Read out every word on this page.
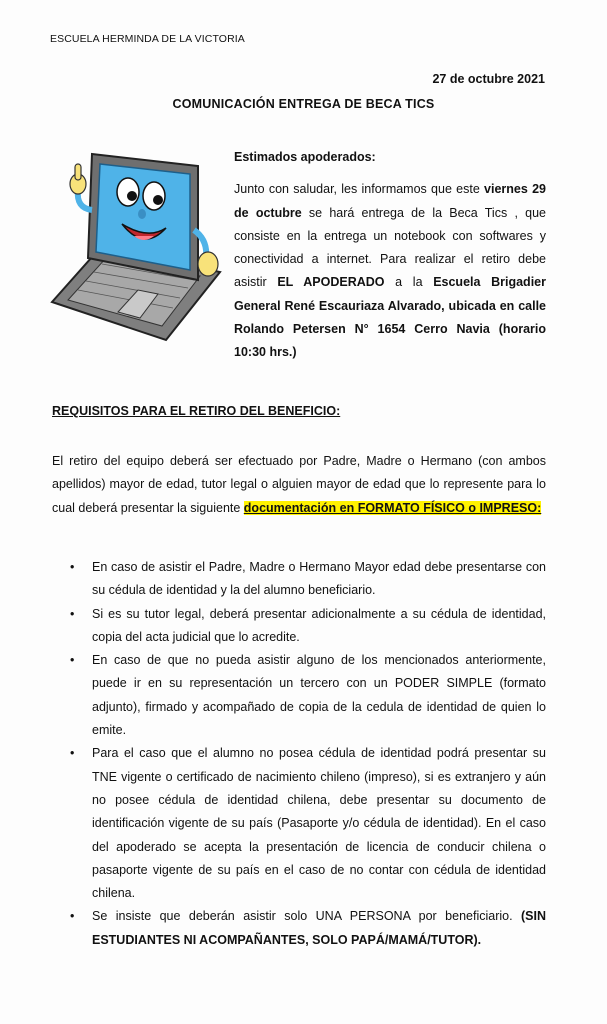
ESCUELA HERMINDA DE LA VICTORIA
27 de octubre 2021
COMUNICACIÓN ENTREGA DE BECA TICS
Estimados apoderados:
Junto con saludar, les informamos que este viernes 29 de octubre se hará entrega de la Beca Tics , que consiste en la entrega un notebook con softwares y conectividad a internet. Para realizar el retiro debe asistir EL APODERADO a la Escuela Brigadier General René Escauriaza Alvarado, ubicada en calle Rolando Petersen N° 1654 Cerro Navia (horario 10:30 hrs.)
REQUISITOS PARA EL RETIRO DEL BENEFICIO:
El retiro del equipo deberá ser efectuado por Padre, Madre o Hermano (con ambos apellidos) mayor de edad, tutor legal o alguien mayor de edad que lo represente para lo cual deberá presentar la siguiente documentación en FORMATO FÍSICO o IMPRESO:
• En caso de asistir el Padre, Madre o Hermano Mayor edad debe presentarse con su cédula de identidad y la del alumno beneficiario.
• Si es su tutor legal, deberá presentar adicionalmente a su cédula de identidad, copia del acta judicial que lo acredite.
• En caso de que no pueda asistir alguno de los mencionados anteriormente, puede ir en su representación un tercero con un PODER SIMPLE (formato adjunto), firmado y acompañado de copia de la cedula de identidad de quien lo emite.
• Para el caso que el alumno no posea cédula de identidad podrá presentar su TNE vigente o certificado de nacimiento chileno (impreso), si es extranjero y aún no posee cédula de identidad chilena, debe presentar su documento de identificación vigente de su país (Pasaporte y/o cédula de identidad). En el caso del apoderado se acepta la presentación de licencia de conducir chilena o pasaporte vigente de su país en el caso de no contar con cédula de identidad chilena.
• Se insiste que deberán asistir solo UNA PERSONA por beneficiario. (SIN ESTUDIANTES NI ACOMPAÑANTES, SOLO PAPÁ/MAMÁ/TUTOR).
